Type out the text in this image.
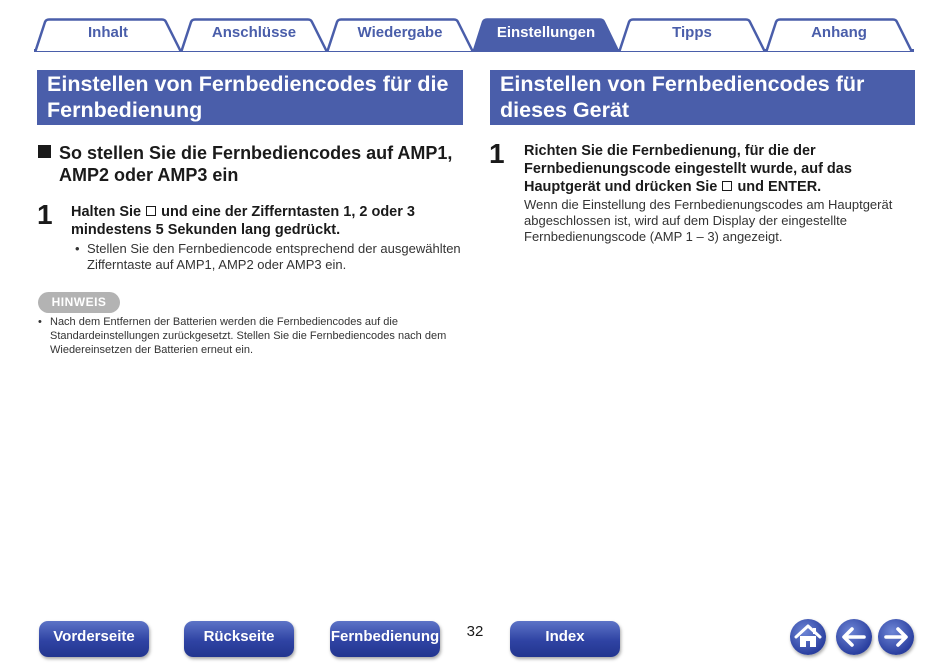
Inhalt	Anschlüsse	Wiedergabe	Tipps	Anhang
Einstellungen
Einstellen von Fernbediencodes für die Fernbedienung
So stellen Sie die Fernbediencodes auf AMP1, AMP2 oder AMP3 ein
1 Halten Sie und eine der Zifferntasten 1, 2 oder 3
mindestens 5 Sekunden lang gedrückt.
• Stellen Sie den Fernbediencode entsprechend der ausgewählten Zifferntaste auf AMP1, AMP2 oder AMP3 ein.
HINWEIS
• Nach dem Entfernen der Batterien werden die Fernbediencodes auf die Standardeinstellungen zurückgesetzt. Stellen Sie die Fernbediencodes nach dem Wiedereinsetzen der Batterien erneut ein.
Einstellen von Fernbediencodes für dieses Gerät
1 Richten Sie die Fernbedienung, für die der
Fernbedienungscode eingestellt wurde, auf das
Hauptgerät und drücken Sie und ENTER.
Wenn die Einstellung des Fernbedienungscodes am Hauptgerät abgeschlossen ist, wird auf dem Display der eingestellte Fernbedienungscode (AMP 1 – 3) angezeigt.
Vorderseite	Rückseite	Fernbedienung	32	Index
